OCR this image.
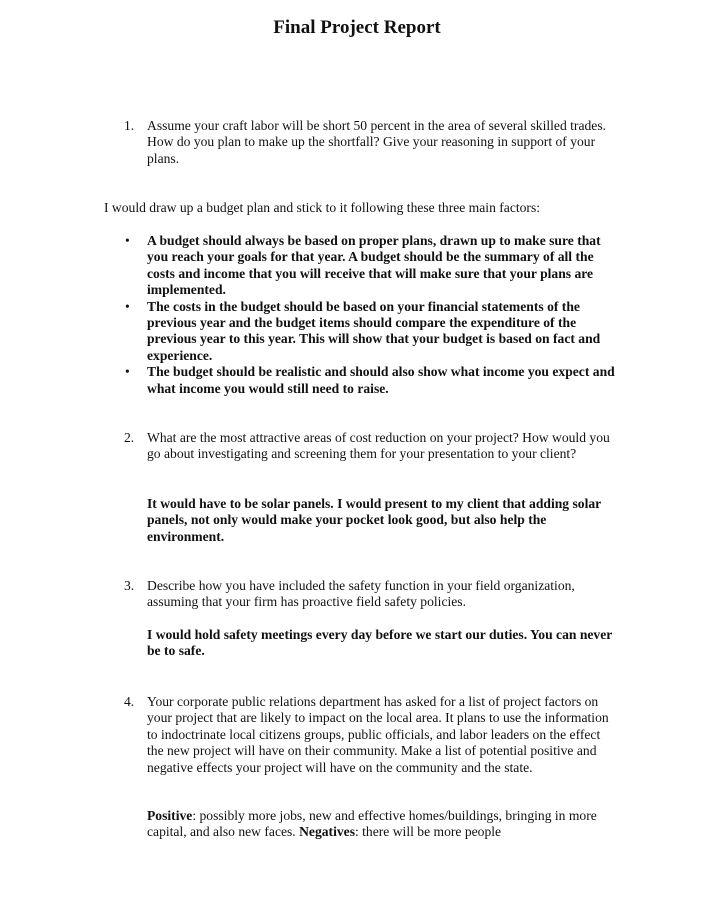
Final Project Report
1. Assume your craft labor will be short 50 percent in the area of several skilled trades. How do you plan to make up the shortfall? Give your reasoning in support of your plans.
I would draw up a budget plan and stick to it following these three main factors:
• A budget should always be based on proper plans, drawn up to make sure that you reach your goals for that year. A budget should be the summary of all the costs and income that you will receive that will make sure that your plans are implemented.
• The costs in the budget should be based on your financial statements of the previous year and the budget items should compare the expenditure of the previous year to this year. This will show that your budget is based on fact and experience.
• The budget should be realistic and should also show what income you expect and what income you would still need to raise.
2. What are the most attractive areas of cost reduction on your project? How would you go about investigating and screening them for your presentation to your client?
It would have to be solar panels. I would present to my client that adding solar panels, not only would make your pocket look good, but also help the environment.
3. Describe how you have included the safety function in your field organization, assuming that your firm has proactive field safety policies.
I would hold safety meetings every day before we start our duties. You can never be to safe.
4. Your corporate public relations department has asked for a list of project factors on your project that are likely to impact on the local area. It plans to use the information to indoctrinate local citizens groups, public officials, and labor leaders on the effect the new project will have on their community. Make a list of potential positive and negative effects your project will have on the community and the state.
Positive: possibly more jobs, new and effective homes/buildings, bringing in more capital, and also new faces. Negatives: there will be more people
